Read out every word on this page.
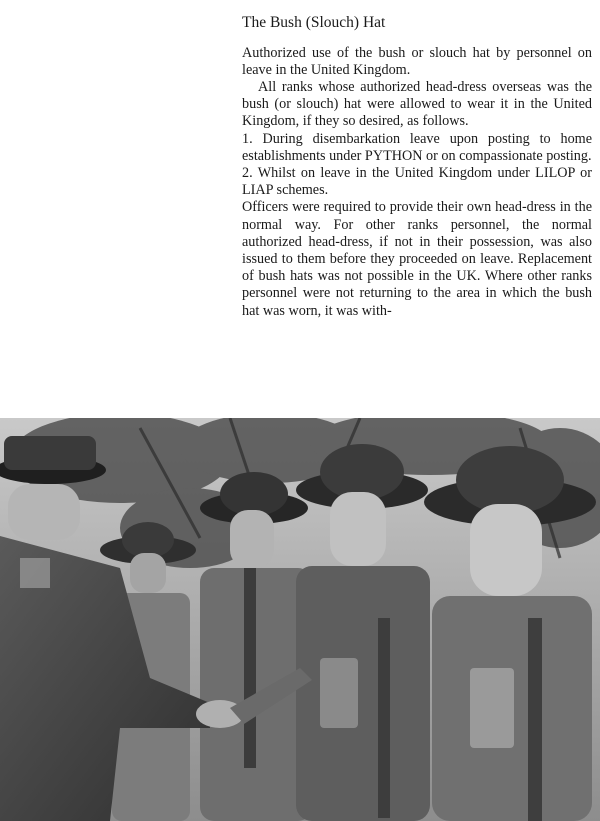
The Bush (Slouch) Hat

Authorized use of the bush or slouch hat by personnel on leave in the United Kingdom.

All ranks whose authorized head-dress overseas was the bush (or slouch) hat were allowed to wear it in the United Kingdom, if they so desired, as follows.

1. During disembarkation leave upon posting to home establishments under PYTHON or on compassionate posting.

2. Whilst on leave in the United Kingdom under LILOP or LIAP schemes.

Officers were required to provide their own head-dress in the normal way. For other ranks personnel, the normal authorized head-dress, if not in their possession, was also issued to them before they proceeded on leave. Replacement of bush hats was not possible in the UK. Where other ranks personnel were not returning to the area in which the bush hat was worn, it was with-
